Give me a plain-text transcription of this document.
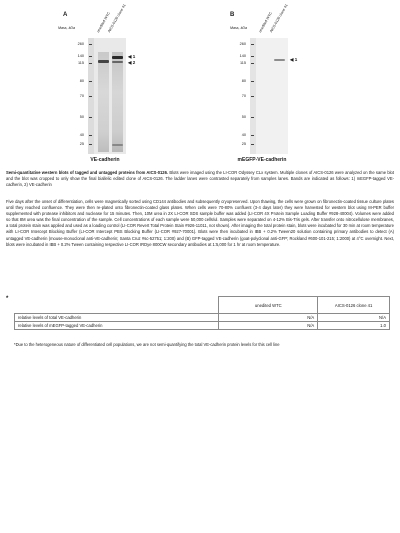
A
Mass, kDa	unedited WTC
AICS-0126 clone 41
260
140
115
80
70
50
40
25
◀ 1
◀ 2
VE-cadherin
B
Mass, kDa	unedited WTC
AICS-0126 clone 41
260
140
115
80
70
50
40
25
◀ 1
mEGFP-VE-cadherin
Semi-quantitative western blots of tagged and untagged proteins from AICS-0126. Blots were imaged using the LI-COR Odyssey CLx system. Multiple clones of AICS-0126 were analyzed on the same blot and the blot was cropped to only show the final biallelic edited clone of AICS-0126. The ladder lanes were contrasted separately from samples lanes. Bands are indicated as follows: 1) mEGFP-tagged VE-cadherin, 2) VE-cadherin
Five days after the onset of differentiation, cells were magnetically sorted using CD144 antibodies and subsequently cryopreserved. Upon thawing, the cells were grown on fibronectin-coated tissue culture plates until they reached confluence. They were then re-plated onto fibronectin-coated glass plates. When cells were 70-80% confluent (3-4 days later) they were harvested for western blot using M-PER buffer supplemented with protease inhibitors and nuclease for 15 minutes. Then, 10M urea in 2X LI-COR SDS sample buffer was added (LI-COR 4X Protein Sample Loading Buffer #928-40004). Volumes were added so that 8M urea was the final concentration of the sample. Cell concentrations of each sample were 50,000 cells/ul. Samples were separated on 4-12% Bis-Tris gels. After transfer onto nitrocellulose membranes, a total protein stain was applied and used as a loading control (LI-COR Revert Total Protein Stain #926-11011, not shown). After imaging the total protein stain, blots were incubated for 30 min at room temperature with LI-COR Intercept Blocking Buffer (LI-COR Intercept PBS Blocking Buffer (LI-COR #927-70001). Blots were then incubated in IBB + 0.2% Tween20 solution containing primary antibodies to detect (A) untagged VE-cadherin (mouse-monoclonal anti-VE-cadherin; Santa Cruz #sc-52751; 1:200) and (B) GFP-tagged VE-cadherin (goat-polyclonal anti-GFP; Rockland #600-101-215; 1:2000) at 4°C overnight. Next, blots were incubated in IBB + 0.2% Tween containing respective LI-COR IRDye 800CW secondary antibodies at 1:5,000 for 1 hr at room temperature.
*
	unedited WTC	AICS-0126 clone 41
relative levels of total VE-cadherin	N/A	N/A
relative levels of mEGFP-tagged VE-cadherin	N/A	1.0
*Due to the heterogeneous nature of differentiated cell populations, we are not semi-quantifying the total VE-cadherin protein levels for this cell line
